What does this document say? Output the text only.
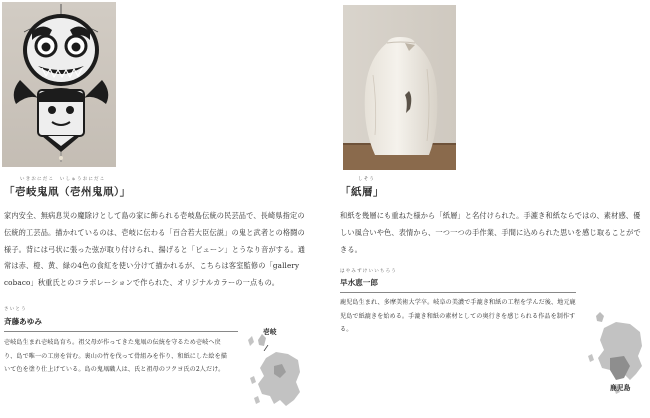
いきおにだこ　いしゅうおにだこ
「壱岐鬼凧（壱州鬼凧）」
家内安全、無病息災の魔除けとして島の家に飾られる壱岐島伝統の民芸品で、長崎県指定の伝統的工芸品。描かれているのは、壱岐に伝わる「百合若大臣伝説」の鬼と武者との格闘の様子。背には弓状に張った弦が取り付けられ、揚げると「ビューン」とうなり音がする。通常は赤、橙、黄、緑の4色の食紅を使い分けて描かれるが、こちらは客室監修の「gallery cobaco」秋重氏とのコラボレーションで作られた、オリジナルカラーの一点もの。
さいとう
斉藤あゆみ
壱岐島生まれ壱岐島育ち。祖父母が作ってきた鬼凧の伝統を守るため壱岐へ戻り、島で唯一の工房を営む。裏山の竹を伐って骨組みを作り、和紙にした絵を描いて色を塗り仕上げている。島の鬼凧職人は、氏と祖母のフクヨ氏の2人だけ。
壱岐
しそう
「紙層」
和紙を幾層にも重ねた様から「紙層」と名付けられた。手漉き和紙ならではの、素材感、優しい風合いや色、表情から、一つ一つの手作業、手間に込められた思いを感じ取ることができる。
はやみずけいいちろう
早水恵一郎
鹿児島生まれ、多摩美術大学卒。岐阜の美濃で手漉き和紙の工程を学んだ後、地元鹿児島で紙漉きを始める。手漉き和紙の素材としての奥行きを感じられる作品を制作する。
鹿児島
